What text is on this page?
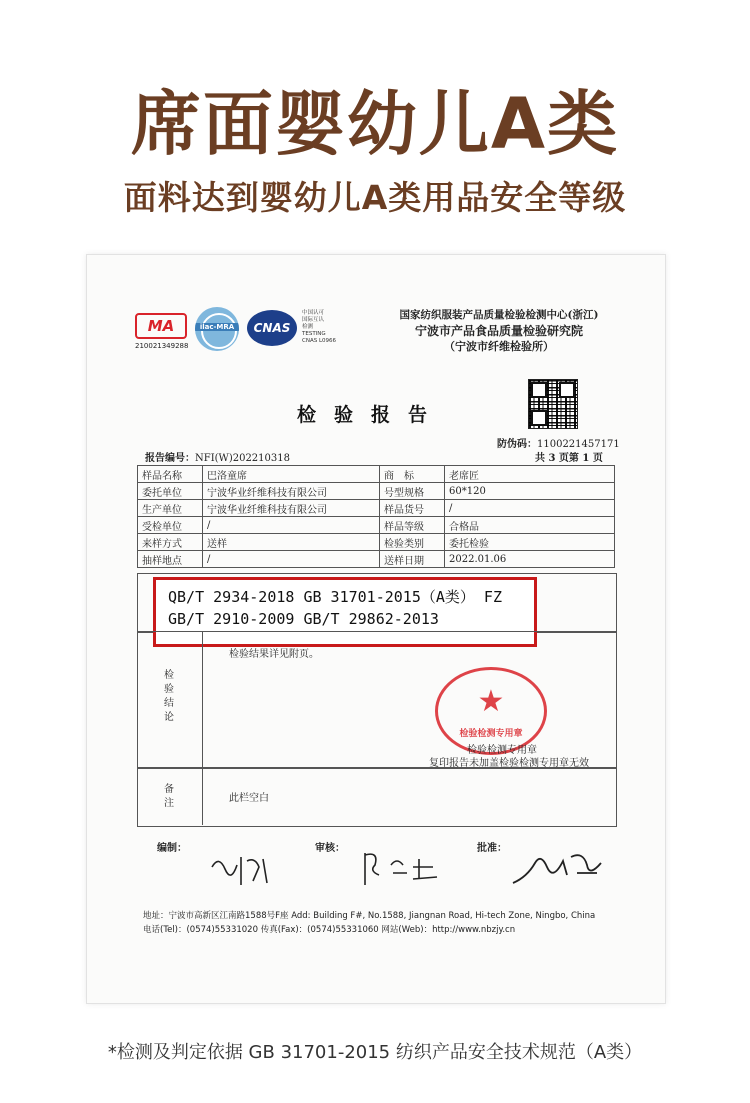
席面婴幼儿A类
面料达到婴幼儿A类用品安全等级
MA
210021349288
ilac-MRA	CNAS
中国认可
国际互认
检测
TESTING
CNAS L0966
国家纺织服装产品质量检验检测中心(浙江)
宁波市产品食品质量检验研究院
（宁波市纤维检验所）
检验报告
防伪码：1100221457171
报告编号：NFI(W)202210318	共 3 页第 1 页
样品名称	巴洛童席	商　标	老席匠
委托单位	宁波华业纤维科技有限公司	号型规格	60*120
生产单位	宁波华业纤维科技有限公司	样品货号	/
受检单位	/	样品等级	合格品
来样方式	送样	检验类别	委托检验
抽样地点	/	送样日期	2022.01.06
QB/T 2934-2018 GB 31701-2015（A类） FZ
GB/T 2910-2009 GB/T 29862-2013
检验结论
检验结果详见附页。
★
检验检测专用章
检验检测专用章
复印报告未加盖检验检测专用章无效
备注	此栏空白
编制：	审核：	批准：
地址：宁波市高新区江南路1588号F座 Add: Building F#, No.1588, Jiangnan Road, Hi-tech Zone, Ningbo, China
电话(Tel)：(0574)55331020 传真(Fax)：(0574)55331060 网站(Web)：http://www.nbzjy.cn
*检测及判定依据 GB 31701-2015 纺织产品安全技术规范（A类）
